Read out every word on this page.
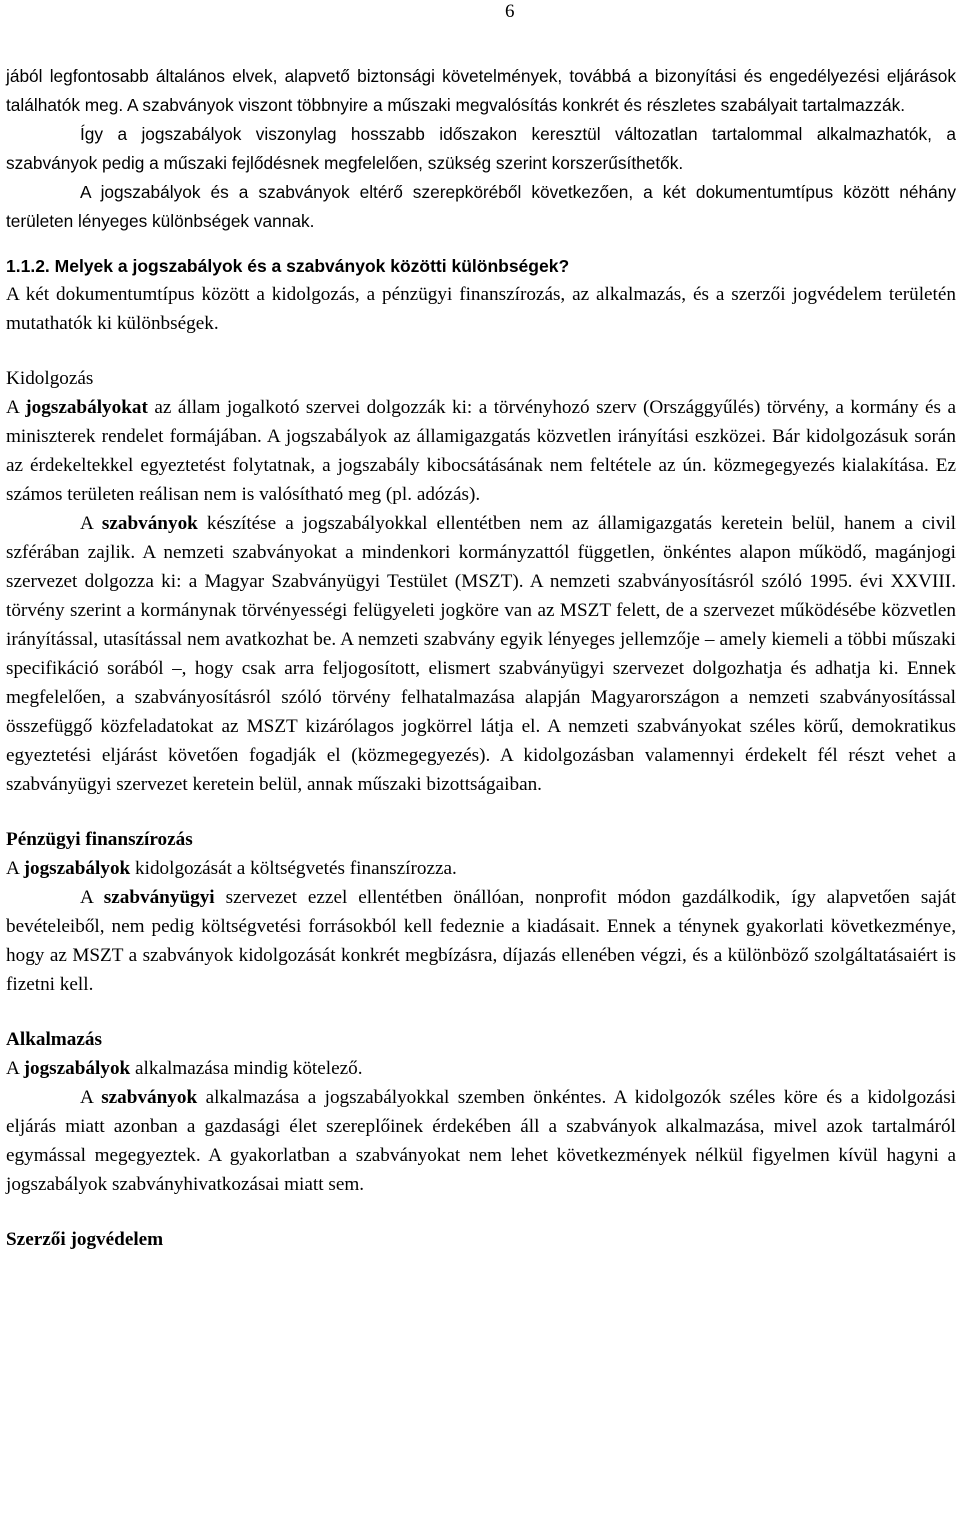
6

jából legfontosabb általános elvek, alapvető biztonsági követelmények, továbbá a bizonyítási és engedélyezési eljárások találhatók meg. A szabványok viszont többnyire a műszaki megvalósítás konkrét és részletes szabályait tartalmazzák.

Így a jogszabályok viszonylag hosszabb időszakon keresztül változatlan tartalommal alkalmazhatók, a szabványok pedig a műszaki fejlődésnek megfelelően, szükség szerint korszerűsíthetők.

A jogszabályok és a szabványok eltérő szerepköréből következően, a két dokumentumtípus között néhány területen lényeges különbségek vannak.

1.1.2. Melyek a jogszabályok és a szabványok közötti különbségek?

A két dokumentumtípus között a kidolgozás, a pénzügyi finanszírozás, az alkalmazás, és a szerzői jogvédelem területén mutathatók ki különbségek.

Kidolgozás

A jogszabályokat az állam jogalkotó szervei dolgozzák ki: a törvényhozó szerv (Országgyűlés) törvény, a kormány és a miniszterek rendelet formájában. A jogszabályok az államigazgatás közvetlen irányítási eszközei. Bár kidolgozásuk során az érdekeltekkel egyeztetést folytatnak, a jogszabály kibocsátásának nem feltétele az ún. közmegegyezés kialakítása. Ez számos területen reálisan nem is valósítható meg (pl. adózás).

A szabványok készítése a jogszabályokkal ellentétben nem az államigazgatás keretein belül, hanem a civil szférában zajlik. A nemzeti szabványokat a mindenkori kormányzattól független, önkéntes alapon működő, magánjogi szervezet dolgozza ki: a Magyar Szabványügyi Testület (MSZT). A nemzeti szabványosításról szóló 1995. évi XXVIII. törvény szerint a kormánynak törvényességi felügyeleti jogköre van az MSZT felett, de a szervezet működésébe közvetlen irányítással, utasítással nem avatkozhat be. A nemzeti szabvány egyik lényeges jellemzője – amely kiemeli a többi műszaki specifikáció sorából –, hogy csak arra feljogosított, elismert szabványügyi szervezet dolgozhatja és adhatja ki. Ennek megfelelően, a szabványosításról szóló törvény felhatalmazása alapján Magyarországon a nemzeti szabványosítással összefüggő közfeladatokat az MSZT kizárólagos jogkörrel látja el. A nemzeti szabványokat széles körű, demokratikus egyeztetési eljárást követően fogadják el (közmegegyezés). A kidolgozásban valamennyi érdekelt fél részt vehet a szabványügyi szervezet keretein belül, annak műszaki bizottságaiban.

Pénzügyi finanszírozás

A jogszabályok kidolgozását a költségvetés finanszírozza.

A szabványügyi szervezet ezzel ellentétben önállóan, nonprofit módon gazdálkodik, így alapvetően saját bevételeiből, nem pedig költségvetési forrásokból kell fedeznie a kiadásait. Ennek a ténynek gyakorlati következménye, hogy az MSZT a szabványok kidolgozását konkrét megbízásra, díjazás ellenében végzi, és a különböző szolgáltatásaiért is fizetni kell.

Alkalmazás

A jogszabályok alkalmazása mindig kötelező.

A szabványok alkalmazása a jogszabályokkal szemben önkéntes. A kidolgozók széles köre és a kidolgozási eljárás miatt azonban a gazdasági élet szereplőinek érdekében áll a szabványok alkalmazása, mivel azok tartalmáról egymással megegyeztek. A gyakorlatban a szabványokat nem lehet következmények nélkül figyelmen kívül hagyni a jogszabályok szabványhivatkozásai miatt sem.

Szerzői jogvédelem
